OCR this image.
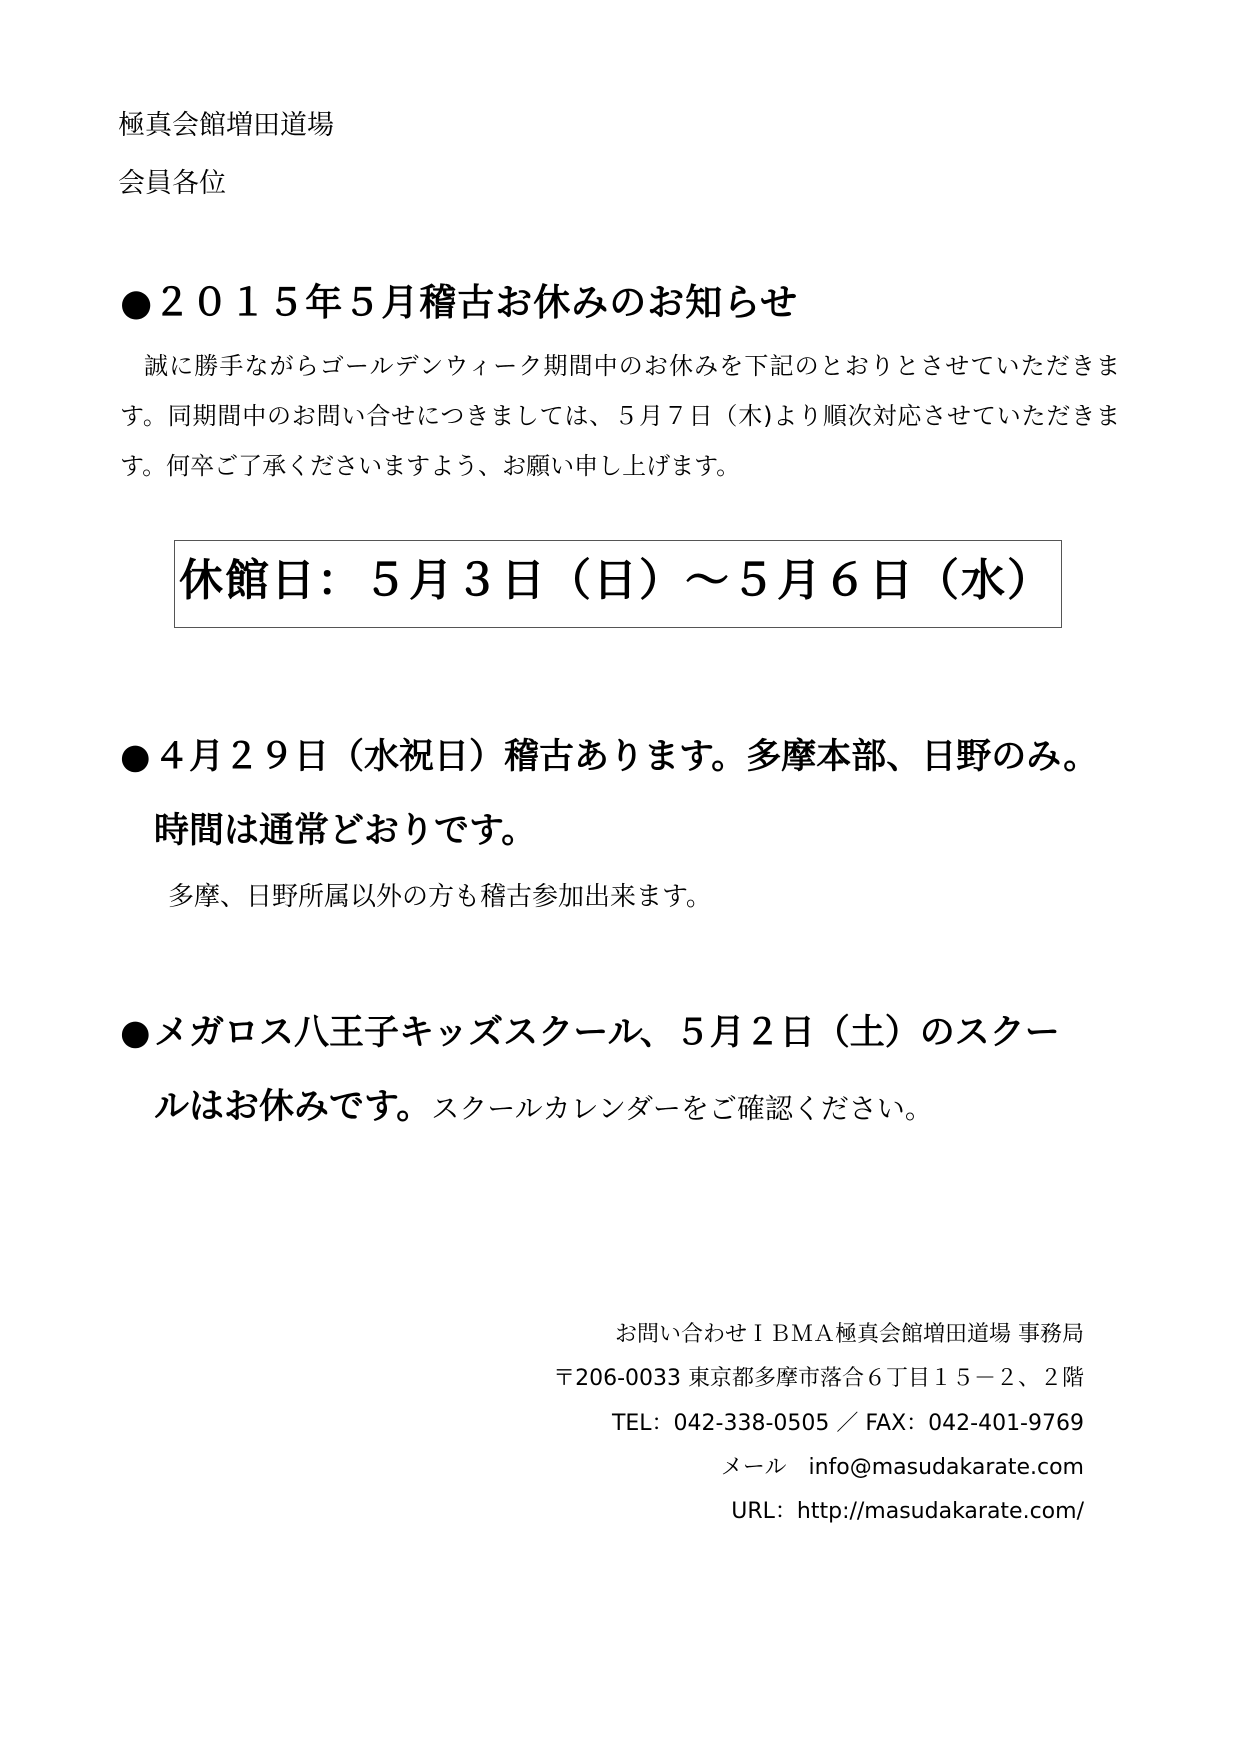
極真会館増田道場
会員各位
●２０１５年５月稽古お休みのお知らせ
誠に勝手ながらゴールデンウィーク期間中のお休みを下記のとおりとさせていただきま
す。同期間中のお問い合せにつきましては、５月７日（木)より順次対応させていただきま
す。何卒ご了承くださいますよう、お願い申し上げます。
休館日：５月３日（日）～５月６日（水）
●４月２９日（水祝日）稽古あります。多摩本部、日野のみ。
時間は通常どおりです。
多摩、日野所属以外の方も稽古参加出来ます。
●メガロス八王子キッズスクール、５月２日（土）のスクー
ルはお休みです。スクールカレンダーをご確認ください。
お問い合わせＩＢＭＡ極真会館増田道場 事務局
〒206-0033 東京都多摩市落合６丁目１５－２、２階
TEL：042-338-0505 ／ FAX：042-401-9769
メール　info@masudakarate.com
URL：http://masudakarate.com/
